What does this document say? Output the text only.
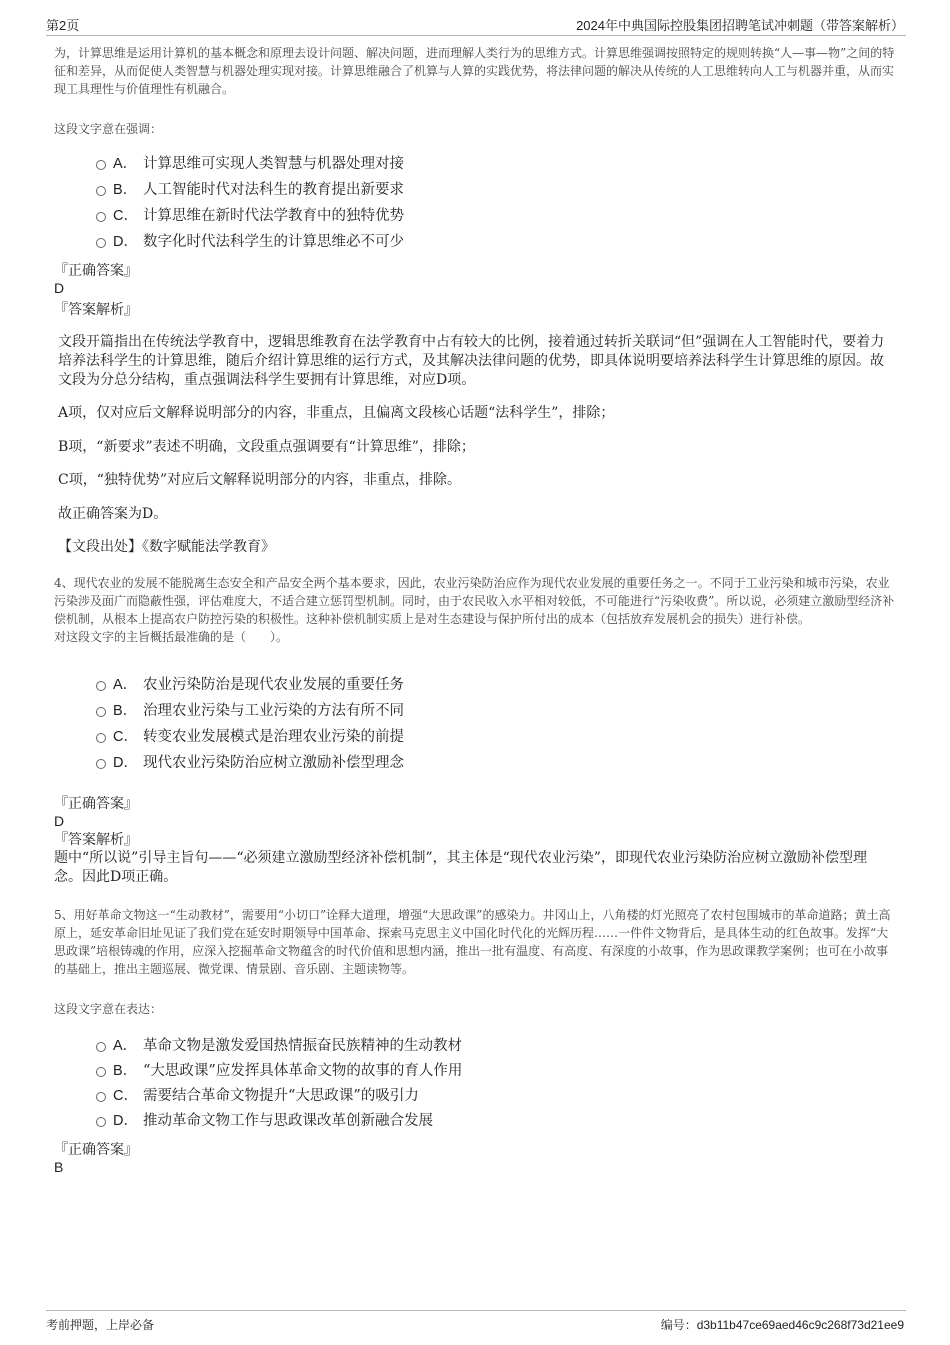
第2页	2024年中典国际控股集团招聘笔试冲刺题（带答案解析）

为，计算思维是运用计算机的基本概念和原理去设计问题、解决问题，进而理解人类行为的思维方式。计算思维强调按照特定的规则转换“人—事—物”之间的特征和差异，从而促使人类智慧与机器处理实现对接。计算思维融合了机算与人算的实践优势，将法律问题的解决从传统的人工思维转向人工与机器并重，从而实现工具理性与价值理性有机融合。

这段文字意在强调：

A． 计算思维可实现人类智慧与机器处理对接
B． 人工智能时代对法科生的教育提出新要求
C． 计算思维在新时代法学教育中的独特优势
D． 数字化时代法科学生的计算思维必不可少

『正确答案』

D

『答案解析』

文段开篇指出在传统法学教育中，逻辑思维教育在法学教育中占有较大的比例，接着通过转折关联词“但”强调在人工智能时代，要着力培养法科学生的计算思维，随后介绍计算思维的运行方式，及其解决法律问题的优势，即具体说明要培养法科学生计算思维的原因。故文段为分总分结构，重点强调法科学生要拥有计算思维，对应D项。

A项，仅对应后文解释说明部分的内容，非重点，且偏离文段核心话题“法科学生”，排除；

B项，“新要求”表述不明确，文段重点强调要有“计算思维”，排除；

C项，“独特优势”对应后文解释说明部分的内容，非重点，排除。

故正确答案为D。

【文段出处】《数字赋能法学教育》

4、现代农业的发展不能脱离生态安全和产品安全两个基本要求，因此，农业污染防治应作为现代农业发展的重要任务之一。不同于工业污染和城市污染，农业污染涉及面广而隐蔽性强，评估难度大，不适合建立惩罚型机制。同时，由于农民收入水平相对较低，不可能进行“污染收费”。所以说，必须建立激励型经济补偿机制，从根本上提高农户防控污染的积极性。这种补偿机制实质上是对生态建设与保护所付出的成本（包括放弃发展机会的损失）进行补偿。

对这段文字的主旨概括最准确的是（　　）。

A． 农业污染防治是现代农业发展的重要任务
B． 治理农业污染与工业污染的方法有所不同
C． 转变农业发展模式是治理农业污染的前提
D． 现代农业污染防治应树立激励补偿型理念

『正确答案』

D

『答案解析』

题中“所以说”引导主旨句——“必须建立激励型经济补偿机制”，其主体是“现代农业污染”，即现代农业污染防治应树立激励补偿型理念。因此D项正确。

5、用好革命文物这一“生动教材”，需要用“小切口”诠释大道理，增强“大思政课”的感染力。井冈山上，八角楼的灯光照亮了农村包围城市的革命道路；黄土高原上，延安革命旧址见证了我们党在延安时期领导中国革命、探索马克思主义中国化时代化的光辉历程……一件件文物背后，是具体生动的红色故事。发挥“大思政课”培根铸魂的作用，应深入挖掘革命文物蕴含的时代价值和思想内涵，推出一批有温度、有高度、有深度的小故事，作为思政课教学案例；也可在小故事的基础上，推出主题巡展、微党课、情景剧、音乐剧、主题读物等。

这段文字意在表达：

A． 革命文物是激发爱国热情振奋民族精神的生动教材
B． “大思政课”应发挥具体革命文物的故事的育人作用
C． 需要结合革命文物提升“大思政课”的吸引力
D． 推动革命文物工作与思政课改革创新融合发展

『正确答案』

B

考前押题，上岸必备	编号：d3b11b47ce69aed46c9c268f73d21ee9
